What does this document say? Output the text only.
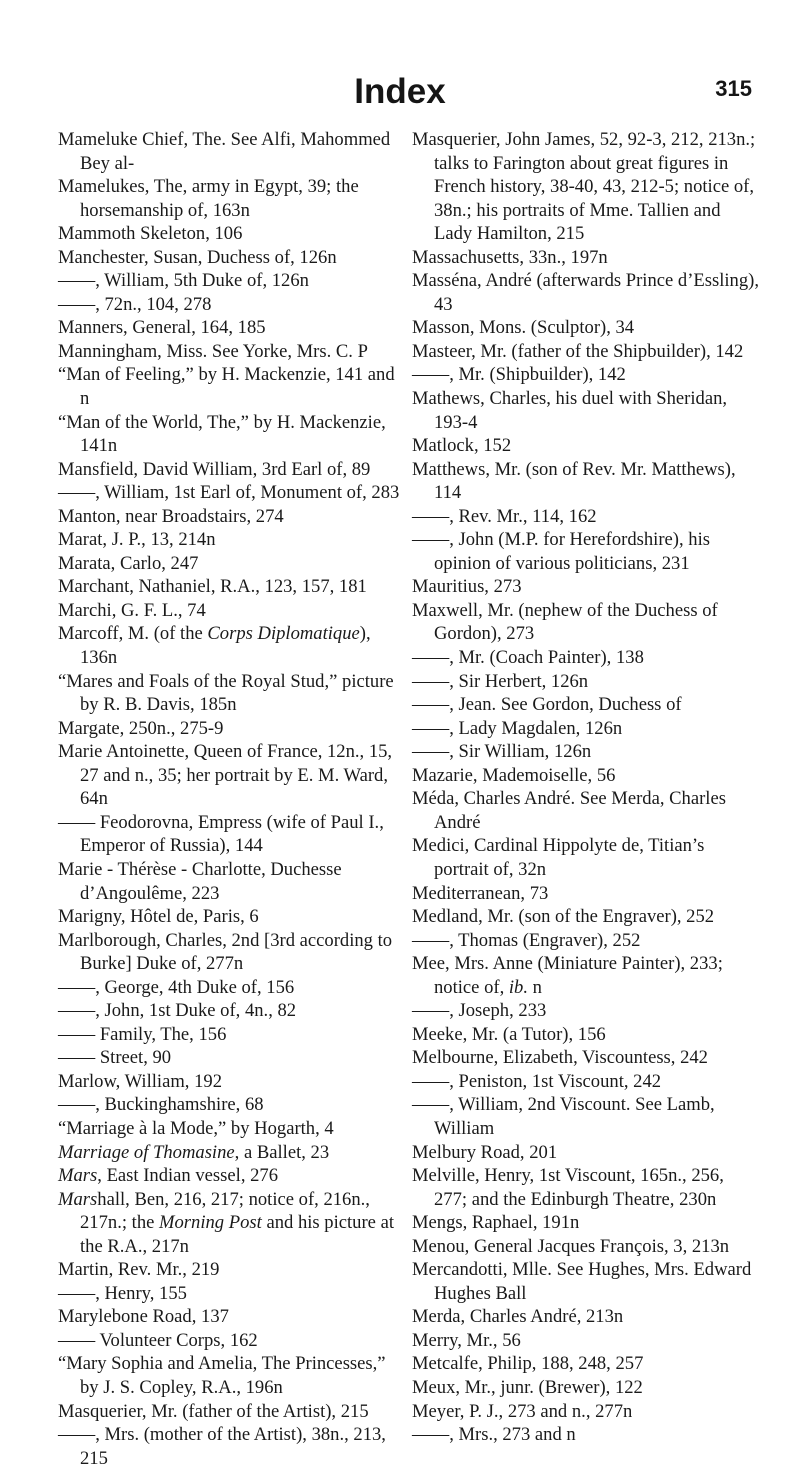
Index	315
Mameluke Chief, The. See Alfi, Mahommed Bey al-
Mamelukes, The, army in Egypt, 39; the horsemanship of, 163n
Mammoth Skeleton, 106
Manchester, Susan, Duchess of, 126n
——, William, 5th Duke of, 126n
——, 72n., 104, 278
Manners, General, 164, 185
Manningham, Miss. See Yorke, Mrs. C. P
“Man of Feeling,” by H. Mackenzie, 141 and n
“Man of the World, The,” by H. Mackenzie, 141n
Mansfield, David William, 3rd Earl of, 89
——, William, 1st Earl of, Monument of, 283
Manton, near Broadstairs, 274
Marat, J. P., 13, 214n
Marata, Carlo, 247
Marchant, Nathaniel, R.A., 123, 157, 181
Marchi, G. F. L., 74
Marcoff, M. (of the Corps Diplomatique), 136n
“Mares and Foals of the Royal Stud,” picture by R. B. Davis, 185n
Margate, 250n., 275-9
Marie Antoinette, Queen of France, 12n., 15, 27 and n., 35; her portrait by E. M. Ward, 64n
—— Feodorovna, Empress (wife of Paul I., Emperor of Russia), 144
Marie - Thérèse - Charlotte, Duchesse d’Angoulême, 223
Marigny, Hôtel de, Paris, 6
Marlborough, Charles, 2nd [3rd according to Burke] Duke of, 277n
——, George, 4th Duke of, 156
——, John, 1st Duke of, 4n., 82
—— Family, The, 156
—— Street, 90
Marlow, William, 192
——, Buckinghamshire, 68
“Marriage à la Mode,” by Hogarth, 4
Marriage of Thomasine, a Ballet, 23
Mars, East Indian vessel, 276
Marshall, Ben, 216, 217; notice of, 216n., 217n.; the Morning Post and his picture at the R.A., 217n
Martin, Rev. Mr., 219
——, Henry, 155
Marylebone Road, 137
—— Volunteer Corps, 162
“Mary Sophia and Amelia, The Princesses,” by J. S. Copley, R.A., 196n
Masquerier, Mr. (father of the Artist), 215
——, Mrs. (mother of the Artist), 38n., 213, 215
Masquerier, John James, 52, 92-3, 212, 213n.; talks to Farington about great figures in French history, 38-40, 43, 212-5; notice of, 38n.; his portraits of Mme. Tallien and Lady Hamilton, 215
Massachusetts, 33n., 197n
Masséna, André (afterwards Prince d’Essling), 43
Masson, Mons. (Sculptor), 34
Masteer, Mr. (father of the Shipbuilder), 142
——, Mr. (Shipbuilder), 142
Mathews, Charles, his duel with Sheridan, 193-4
Matlock, 152
Matthews, Mr. (son of Rev. Mr. Matthews), 114
——, Rev. Mr., 114, 162
——, John (M.P. for Herefordshire), his opinion of various politicians, 231
Mauritius, 273
Maxwell, Mr. (nephew of the Duchess of Gordon), 273
——, Mr. (Coach Painter), 138
——, Sir Herbert, 126n
——, Jean. See Gordon, Duchess of
——, Lady Magdalen, 126n
——, Sir William, 126n
Mazarie, Mademoiselle, 56
Méda, Charles André. See Merda, Charles André
Medici, Cardinal Hippolyte de, Titian’s portrait of, 32n
Mediterranean, 73
Medland, Mr. (son of the Engraver), 252
——, Thomas (Engraver), 252
Mee, Mrs. Anne (Miniature Painter), 233; notice of, ib. n
——, Joseph, 233
Meeke, Mr. (a Tutor), 156
Melbourne, Elizabeth, Viscountess, 242
——, Peniston, 1st Viscount, 242
——, William, 2nd Viscount. See Lamb, William
Melbury Road, 201
Melville, Henry, 1st Viscount, 165n., 256, 277; and the Edinburgh Theatre, 230n
Mengs, Raphael, 191n
Menou, General Jacques François, 3, 213n
Mercandotti, Mlle. See Hughes, Mrs. Edward Hughes Ball
Merda, Charles André, 213n
Merry, Mr., 56
Metcalfe, Philip, 188, 248, 257
Meux, Mr., junr. (Brewer), 122
Meyer, P. J., 273 and n., 277n
——, Mrs., 273 and n
